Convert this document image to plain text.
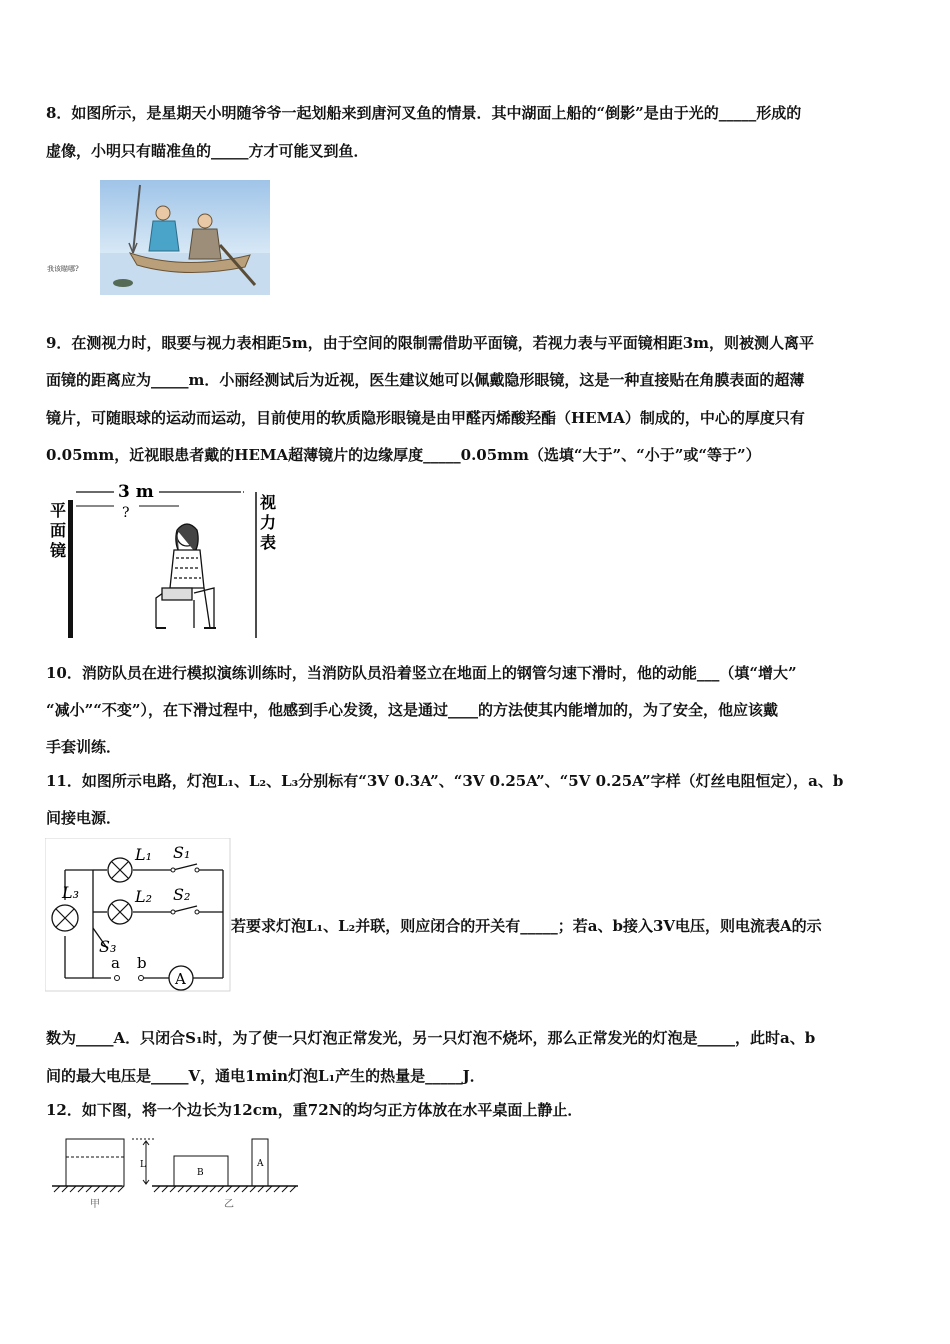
8．如图所示，是星期天小明随爷爷一起划船来到唐河叉鱼的情景．其中湖面上船的“倒影”是由于光的_____形成的
虚像，小明只有瞄准鱼的_____方才可能叉到鱼．
我该瞄哪?
9．在测视力时，眼要与视力表相距5m，由于空间的限制需借助平面镜，若视力表与平面镜相距3m，则被测人离平
面镜的距离应为_____m．小丽经测试后为近视，医生建议她可以佩戴隐形眼镜，这是一种直接贴在角膜表面的超薄
镜片，可随眼球的运动而运动，目前使用的软质隐形眼镜是由甲醛丙烯酸羟酯（HEMA）制成的，中心的厚度只有
0.05mm，近视眼患者戴的HEMA超薄镜片的边缘厚度_____0.05mm（选填“大于”、“小于”或“等于”）
3 m
?
平
面
镜
视
力
表
10．消防队员在进行模拟演练训练时，当消防队员沿着竖立在地面上的钢管匀速下滑时，他的动能___（填“增大”
“减小”“不变”），在下滑过程中，他感到手心发烫，这是通过____的方法使其内能增加的，为了安全，他应该戴
手套训练．
11．如图所示电路，灯泡L₁、L₂、L₃分别标有“3V 0.3A”、“3V 0.25A”、“5V 0.25A”字样（灯丝电阻恒定），a、b
间接电源．
A
L₁
L₂
L₃
S₁
S₂
S₃
a b
若要求灯泡L₁、L₂并联，则应闭合的开关有_____；若a、b接入3V电压，则电流表A的示
数为_____A．只闭合S₁时，为了使一只灯泡正常发光，另一只灯泡不烧坏，那么正常发光的灯泡是_____，此时a、b
间的最大电压是_____V，通电1min灯泡L₁产生的热量是_____J．
12．如下图，将一个边长为12cm，重72N的均匀正方体放在水平桌面上静止．
L
B
A
甲	乙
